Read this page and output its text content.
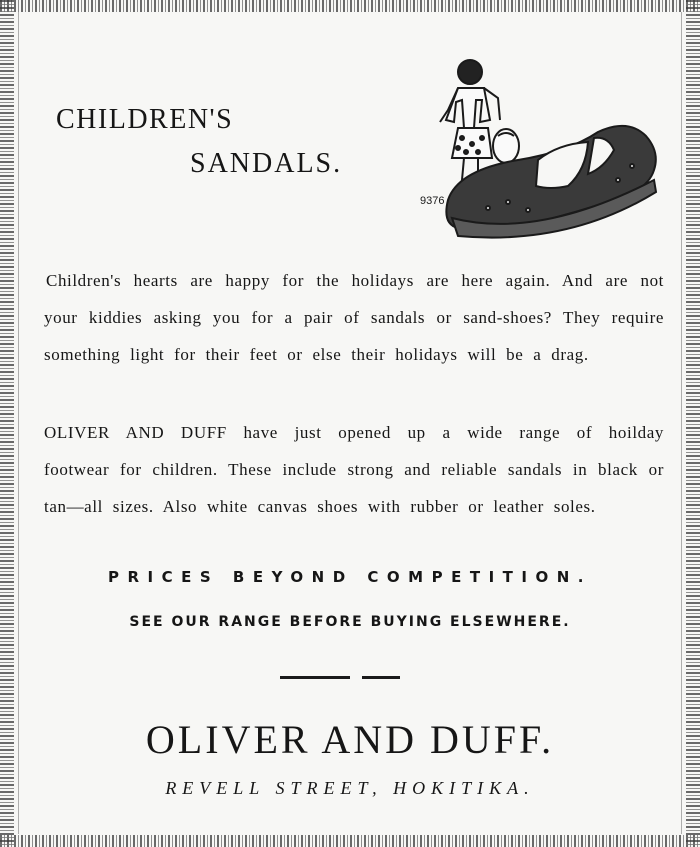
CHILDREN'S
SANDALS.
9376

Children's hearts are happy for the holidays are here again. And are not your kiddies asking you for a pair of sandals or sand-shoes? They require something light for their feet or else their holidays will be a drag.

OLIVER AND DUFF have just opened up a wide range of hoilday footwear for children. These include strong and reliable sandals in black or tan—all sizes. Also white canvas shoes with rubber or leather soles.

PRICES BEYOND COMPETITION.
SEE OUR RANGE BEFORE BUYING ELSEWHERE.
OLIVER AND DUFF.
REVELL STREET, HOKITIKA.
